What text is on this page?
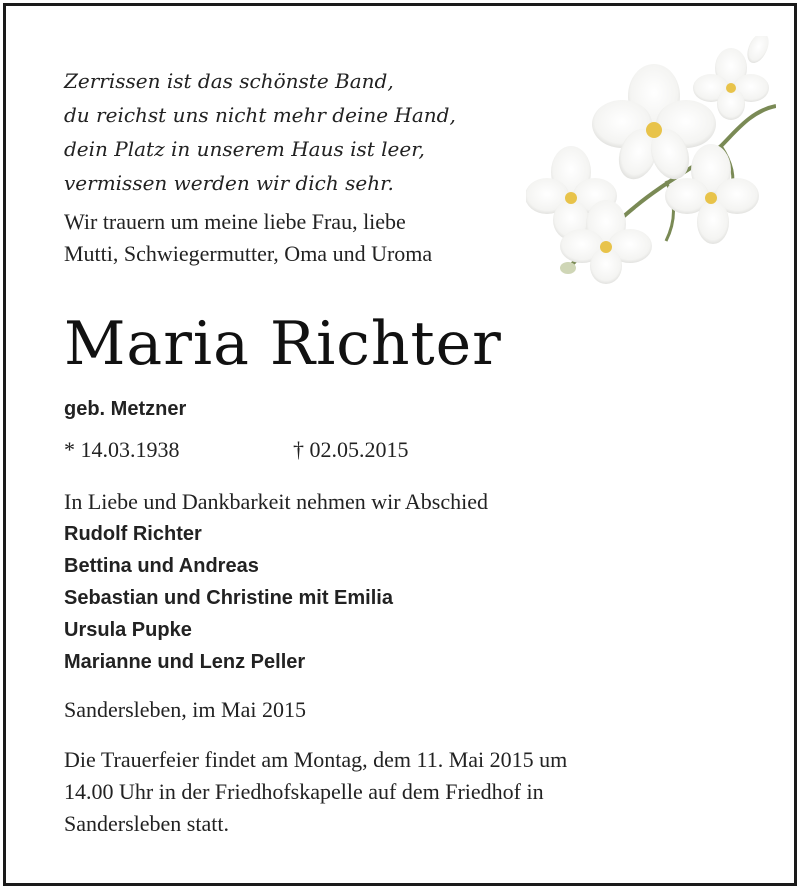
Zerrissen ist das schönste Band,
du reichst uns nicht mehr deine Hand,
dein Platz in unserem Haus ist leer,
vermissen werden wir dich sehr.
Wir trauern um meine liebe Frau, liebe
Mutti, Schwiegermutter, Oma und Uroma
Maria Richter
geb. Metzner
* 14.03.1938	† 02.05.2015
In Liebe und Dankbarkeit nehmen wir Abschied
Rudolf Richter
Bettina und Andreas
Sebastian und Christine mit Emilia
Ursula Pupke
Marianne und Lenz Peller
Sandersleben, im Mai 2015
Die Trauerfeier findet am Montag, dem 11. Mai 2015 um
14.00 Uhr in der Friedhofskapelle auf dem Friedhof in
Sandersleben statt.
